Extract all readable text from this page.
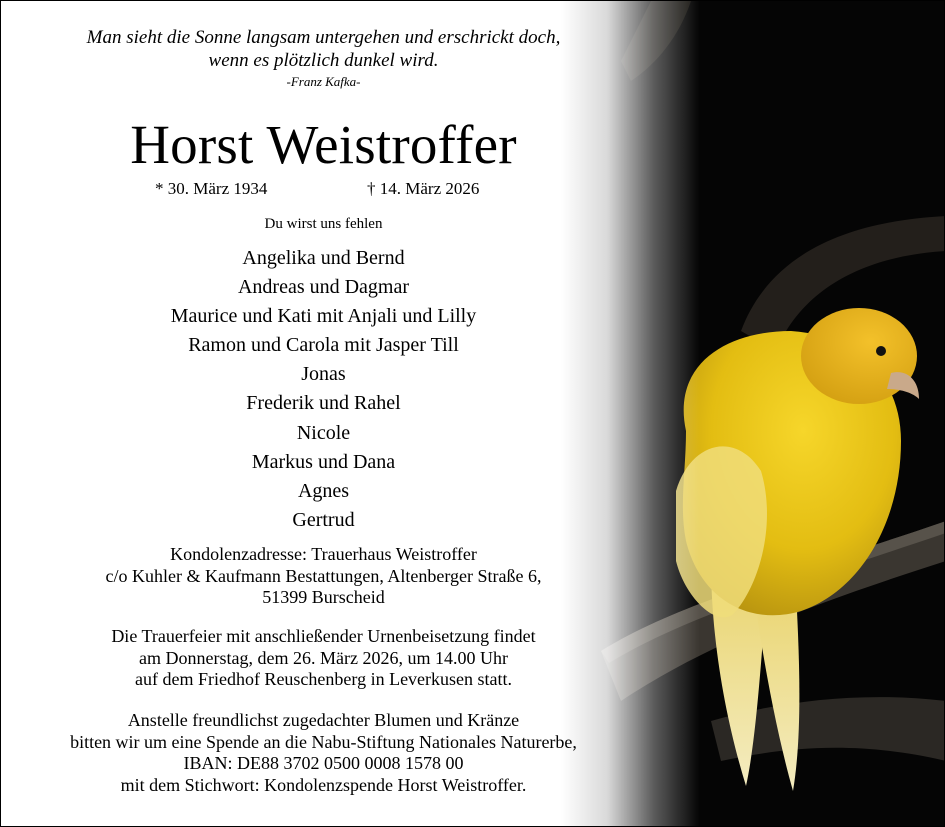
Man sieht die Sonne langsam untergehen und erschrickt doch,
wenn es plötzlich dunkel wird.
-Franz Kafka-
Horst Weistroffer
* 30. März 1934	† 14. März 2026
Du wirst uns fehlen
Angelika und Bernd
Andreas und Dagmar
Maurice und Kati mit Anjali und Lilly
Ramon und Carola mit Jasper Till
Jonas
Frederik und Rahel
Nicole
Markus und Dana
Agnes
Gertrud
Kondolenzadresse: Trauerhaus Weistroffer
c/o Kuhler & Kaufmann Bestattungen, Altenberger Straße 6,
51399 Burscheid
Die Trauerfeier mit anschließender Urnenbeisetzung findet
am Donnerstag, dem 26. März 2026, um 14.00 Uhr
auf dem Friedhof Reuschenberg in Leverkusen statt.
Anstelle freundlichst zugedachter Blumen und Kränze
bitten wir um eine Spende an die Nabu-Stiftung Nationales Naturerbe,
IBAN: DE88 3702 0500 0008 1578 00
mit dem Stichwort: Kondolenzspende Horst Weistroffer.
